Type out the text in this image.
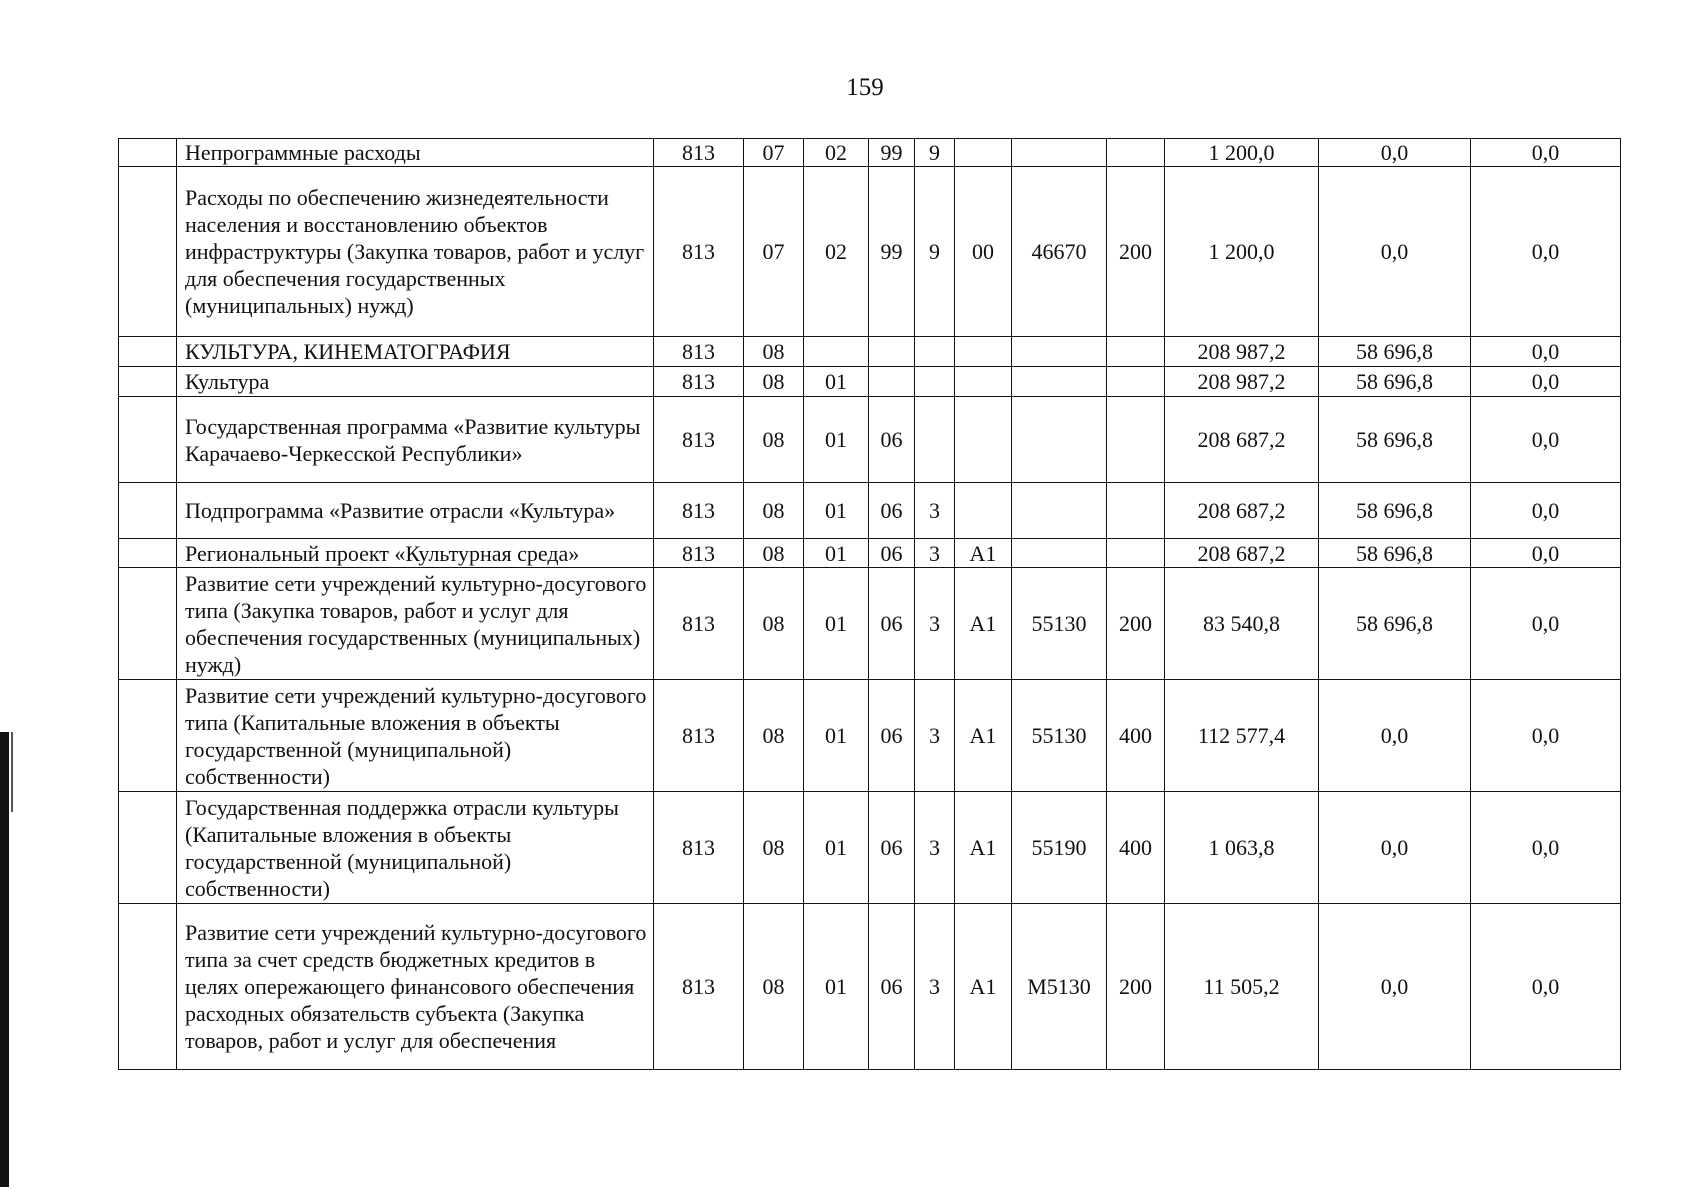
159
	Непрограммные расходы	813	07	02	99	9				1 200,0	0,0	0,0
	Расходы по обеспечению жизнедеятельности населения и восстановлению объектов инфраструктуры (Закупка товаров, работ и услуг для обеспечения государственных (муниципальных) нужд)	813	07	02	99	9	00	46670	200	1 200,0	0,0	0,0
	КУЛЬТУРА, КИНЕМАТОГРАФИЯ	813	08							208 987,2	58 696,8	0,0
	Культура	813	08	01						208 987,2	58 696,8	0,0
	Государственная программа «Развитие культуры Карачаево-Черкесской Республики»	813	08	01	06					208 687,2	58 696,8	0,0
	Подпрограмма «Развитие отрасли «Культура»	813	08	01	06	3				208 687,2	58 696,8	0,0
	Региональный проект «Культурная среда»	813	08	01	06	3	А1			208 687,2	58 696,8	0,0
	Развитие сети учреждений культурно-досугового типа (Закупка товаров, работ и услуг для обеспечения государственных (муниципальных) нужд)	813	08	01	06	3	А1	55130	200	83 540,8	58 696,8	0,0
	Развитие сети учреждений культурно-досугового типа (Капитальные вложения в объекты государственной (муниципальной) собственности)	813	08	01	06	3	А1	55130	400	112 577,4	0,0	0,0
	Государственная поддержка отрасли культуры (Капитальные вложения в объекты государственной (муниципальной) собственности)	813	08	01	06	3	А1	55190	400	1 063,8	0,0	0,0
	Развитие сети учреждений культурно-досугового типа за счет средств бюджетных кредитов в целях опережающего финансового обеспечения расходных обязательств субъекта (Закупка товаров, работ и услуг для обеспечения	813	08	01	06	3	А1	М5130	200	11 505,2	0,0	0,0
